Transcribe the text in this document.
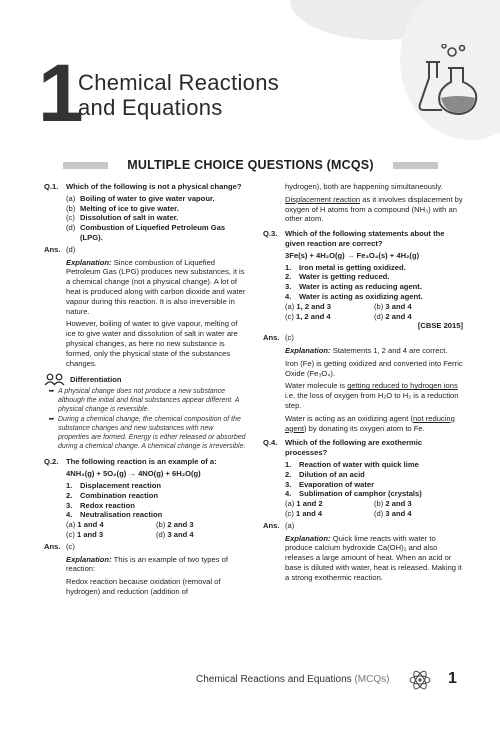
1
Chemical Reactions
and Equations
MULTIPLE CHOICE QUESTIONS (MCQS)
Q.1.	Which of the following is not a physical change?
(a) Boiling of water to give water vapour.
(b) Melting of ice to give water.
(c) Dissolution of salt in water.
(d) Combustion of Liquefied Petroleum Gas (LPG).
Ans. (d)
Explanation: Since combustion of Liquefied Petroleum Gas (LPG) produces new substances, it is a chemical change (not a physical change). A lot of heat is produced along with carbon dioxide and water vapour during this reaction. It is also irreversible in nature.
However, boiling of water to give vapour, melting of ice to give water and dissolution of salt in water are physical changes, as here no new substance is formed, only the physical state of the substances changes.
Differentiation
➥ A physical change does not produce a new substance although the initial and final substances appear different. A physical change is reversible.
➥ During a chemical change, the chemical composition of the substance changes and new substances with new properties are formed. Energy is either released or absorbed during a chemical change. A chemical change is irreversible.
Q.2.	The following reaction is an example of a:
4NH₃(g) + 5O₂(g) → 4NO(g) + 6H₂O(g)
1.	Displacement reaction
2.	Combination reaction
3.	Redox reaction
4.	Neutralisation reaction
(a) 1 and 4	(b) 2 and 3
(c) 1 and 3	(d) 3 and 4
Ans. (c)
Explanation: This is an example of two types of reaction:
Redox reaction because oxidation (removal of hydrogen) and reduction (addition of
hydrogen), both are happening simultaneously.
Displacement reaction as it involves displacement by oxygen of H atoms from a compound (NH₃) with an other atom.
Q.3.	Which of the following statements about the given reaction are correct?
3Fe(s) + 4H₂O(g) → Fe₃O₄(s) + 4H₂(g)
1.	Iron metal is getting oxidized.
2.	Water is getting reduced.
3.	Water is acting as reducing agent.
4.	Water is acting as oxidizing agent.
(a) 1, 2 and 3	(b) 3 and 4
(c) 1, 2 and 4	(d) 2 and 4
[CBSE 2015]
Ans. (c)
Explanation: Statements 1, 2 and 4 are correct.
Iron (Fe) is getting oxidized and converted into Ferric Oxide (Fe₃O₄).
Water molecule is getting reduced to hydrogen ions i.e. the loss of oxygen from H₂O to H₂ is a reduction step.
Water is acting as an oxidizing agent (not reducing agent) by donating its oxygen atom to Fe.
Q.4.	Which of the following are exothermic processes?
1.	Reaction of water with quick lime
2.	Dilution of an acid
3.	Evaporation of water
4.	Sublimation of camphor (crystals)
(a) 1 and 2	(b) 2 and 3
(c) 1 and 4	(d) 3 and 4
Ans. (a)
Explanation: Quick lime reacts with water to produce calcium hydroxide Ca(OH)₂ and also releases a large amount of heat. When an acid or base is diluted with water, heat is released. Making it a strong exothermic reaction.
Chemical Reactions and Equations (MCQs)	1
